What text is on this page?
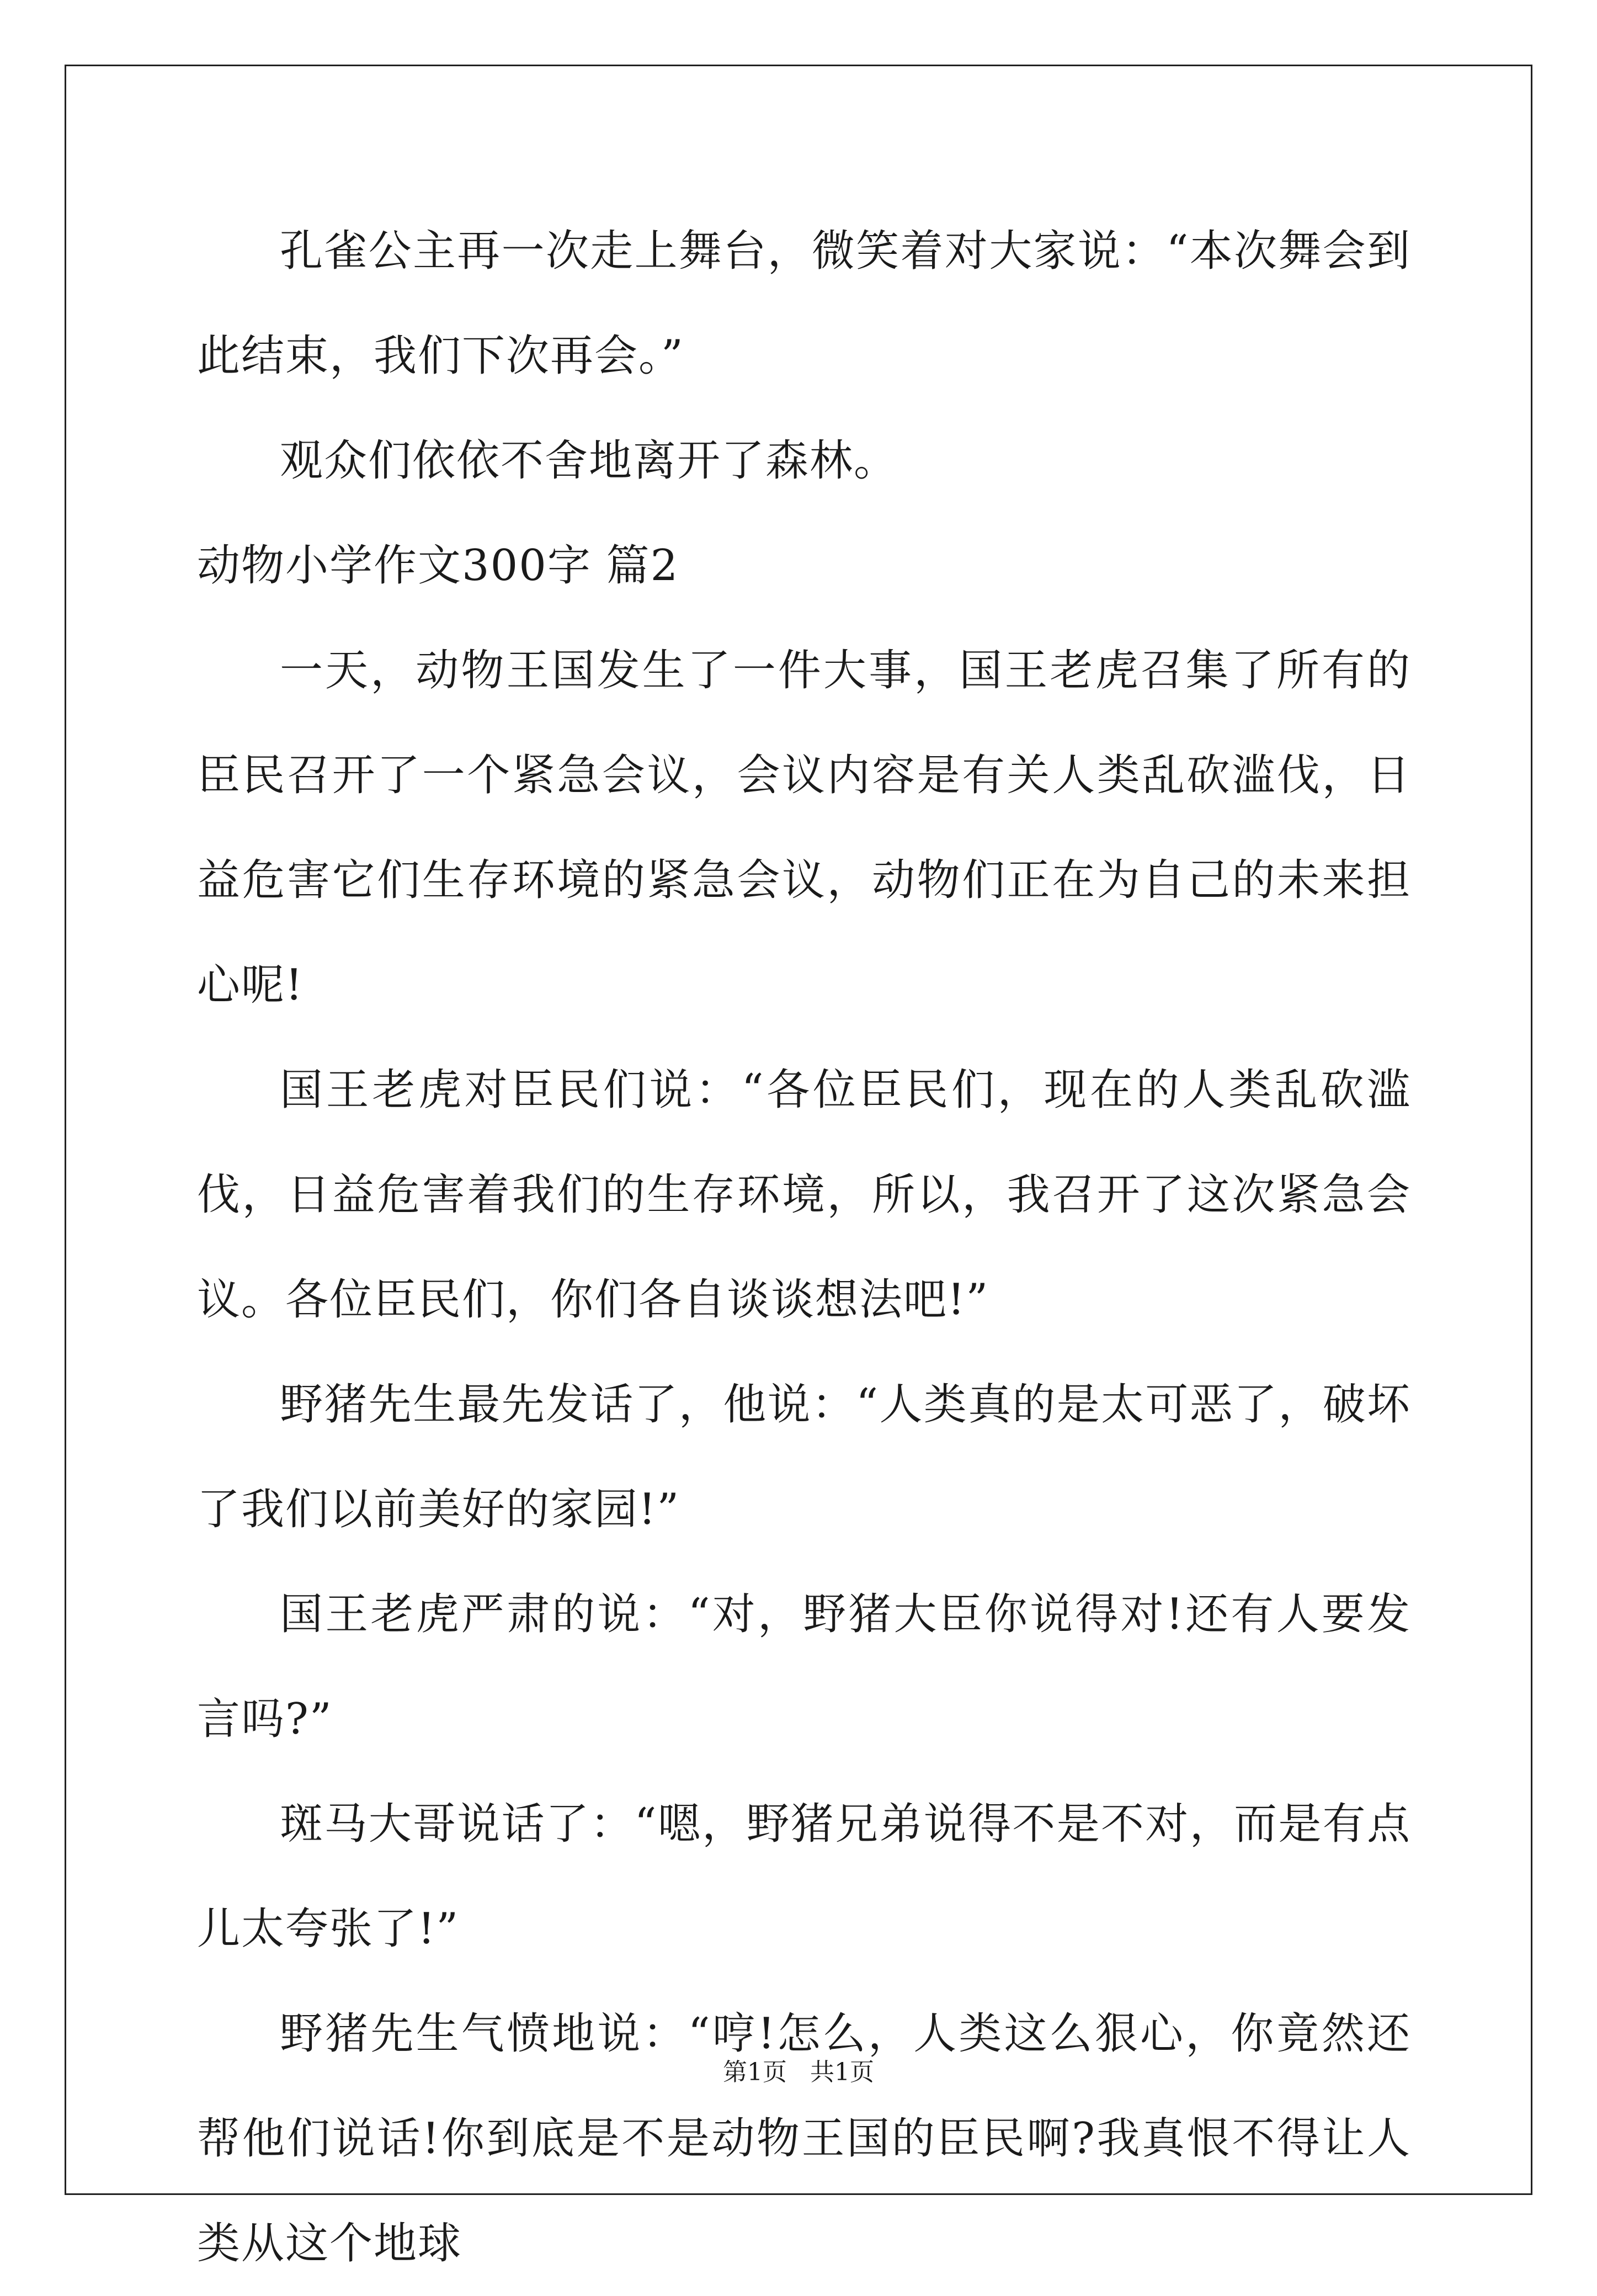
孔雀公主再一次走上舞台，微笑着对大家说：“本次舞会到此结束，我们下次再会。”

观众们依依不舍地离开了森林。

动物小学作文300字 篇2

一天，动物王国发生了一件大事，国王老虎召集了所有的臣民召开了一个紧急会议，会议内容是有关人类乱砍滥伐，日益危害它们生存环境的紧急会议，动物们正在为自己的未来担心呢!

国王老虎对臣民们说：“各位臣民们，现在的人类乱砍滥伐，日益危害着我们的生存环境，所以，我召开了这次紧急会议。各位臣民们，你们各自谈谈想法吧!”

野猪先生最先发话了，他说：“人类真的是太可恶了，破坏了我们以前美好的家园!”

国王老虎严肃的说：“对，野猪大臣你说得对!还有人要发言吗?”

斑马大哥说话了：“嗯，野猪兄弟说得不是不对，而是有点儿太夸张了!”

野猪先生气愤地说：“哼!怎么，人类这么狠心，你竟然还帮他们说话!你到底是不是动物王国的臣民啊?我真恨不得让人类从这个地球

第1页 共1页
